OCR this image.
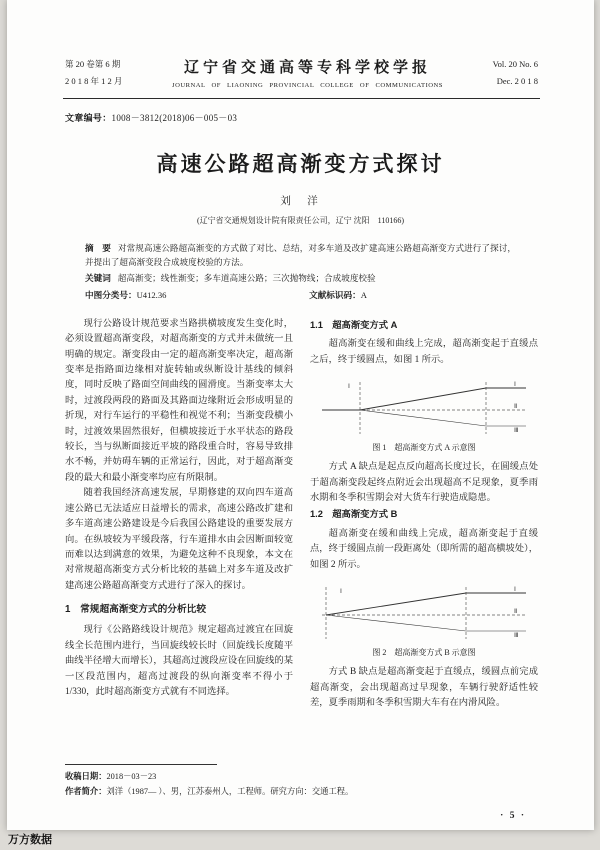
第 20 卷第 6 期
2 0 1 8 年 1 2 月
辽宁省交通高等专科学校学报
JOURNAL OF LIAONING PROVINCIAL COLLEGE OF COMMUNICATIONS
Vol. 20 No. 6
Dec. 2 0 1 8
文章编号：1008－3812(2018)06－005－03
高速公路超高渐变方式探讨
刘　洋
(辽宁省交通规划设计院有限责任公司，辽宁 沈阳　110166)

摘　要 对常规高速公路超高渐变的方式做了对比、总结，对多车道及改扩建高速公路超高渐变方式进行了探讨，并提出了超高渐变段合成坡度校验的方法。

关键词 超高渐变；线性渐变；多车道高速公路；三次抛物线；合成坡度校验

中图分类号：U412.36	文献标识码：A

现行公路设计规范要求当路拱横坡度发生变化时，必须设置超高渐变段，对超高渐变的方式并未做统一且明确的规定。渐变段由一定的超高渐变率决定，超高渐变率是指路面边缘相对旋转轴或纵断设计基线的倾斜度，同时反映了路面空间曲线的圆滑度。当渐变率太大时，过渡段两段的路面及其路面边缘附近会形成明显的折现，对行车运行的平稳性和视觉不利；当渐变段横小时，过渡效果固然很好，但横坡接近于水平状态的路段较长，当与纵断面接近平坡的路段重合时，容易导致排水不畅，并妨碍车辆的正常运行，因此，对于超高渐变段的最大和最小渐变率均应有所限制。

随着我国经济高速发展，早期修建的双向四车道高速公路已无法适应日益增长的需求，高速公路改扩建和多车道高速公路建设是今后我国公路建设的重要发展方向。在纵坡较为平缓段落，行车道排水由会因断面较宽而难以达到满意的效果，为避免这种不良现象，本文在对常规超高渐变方式分析比较的基础上对多车道及改扩建高速公路超高渐变方式进行了深入的探讨。

1　常规超高渐变方式的分析比较

现行《公路路线设计规范》规定超高过渡宜在回旋线全长范围内进行，当回旋线较长时（回旋线长度随平曲线半径增大而增长），其超高过渡段应设在回旋线的某一区段范围内，超高过渡段的纵向渐变率不得小于 1/330，此时超高渐变方式就有不同选择。

1.1　超高渐变方式 A

超高渐变在缓和曲线上完成，超高渐变起于直缓点之后，终于缓圆点，如图 1 所示。

Ⅰ	Ⅰ
Ⅱ
Ⅲ
图 1　超高渐变方式 A 示意图

方式 A 缺点是起点反向超高长度过长，在圆缓点处于超高渐变段起终点附近会出现超高不足现象，夏季雨水期和冬季积雪期会对大货车行驶造成隐患。

1.2　超高渐变方式 B

超高渐变在缓和曲线上完成，超高渐变起于直缓点，终于缓圆点前一段距离处（即所需的超高横坡处），如图 2 所示。

Ⅰ	Ⅰ
Ⅱ
Ⅲ
图 2　超高渐变方式 B 示意图

方式 B 缺点是超高渐变起于直缓点，缓圆点前完成超高渐变，会出现超高过早现象，车辆行驶舒适性较差，夏季雨期和冬季积雪期大车有在内滑风险。

收稿日期：2018－03－23

作者简介：刘洋（1987— ）、男，江苏泰州人，工程师。研究方向：交通工程。

· 5 ·
万方数据
